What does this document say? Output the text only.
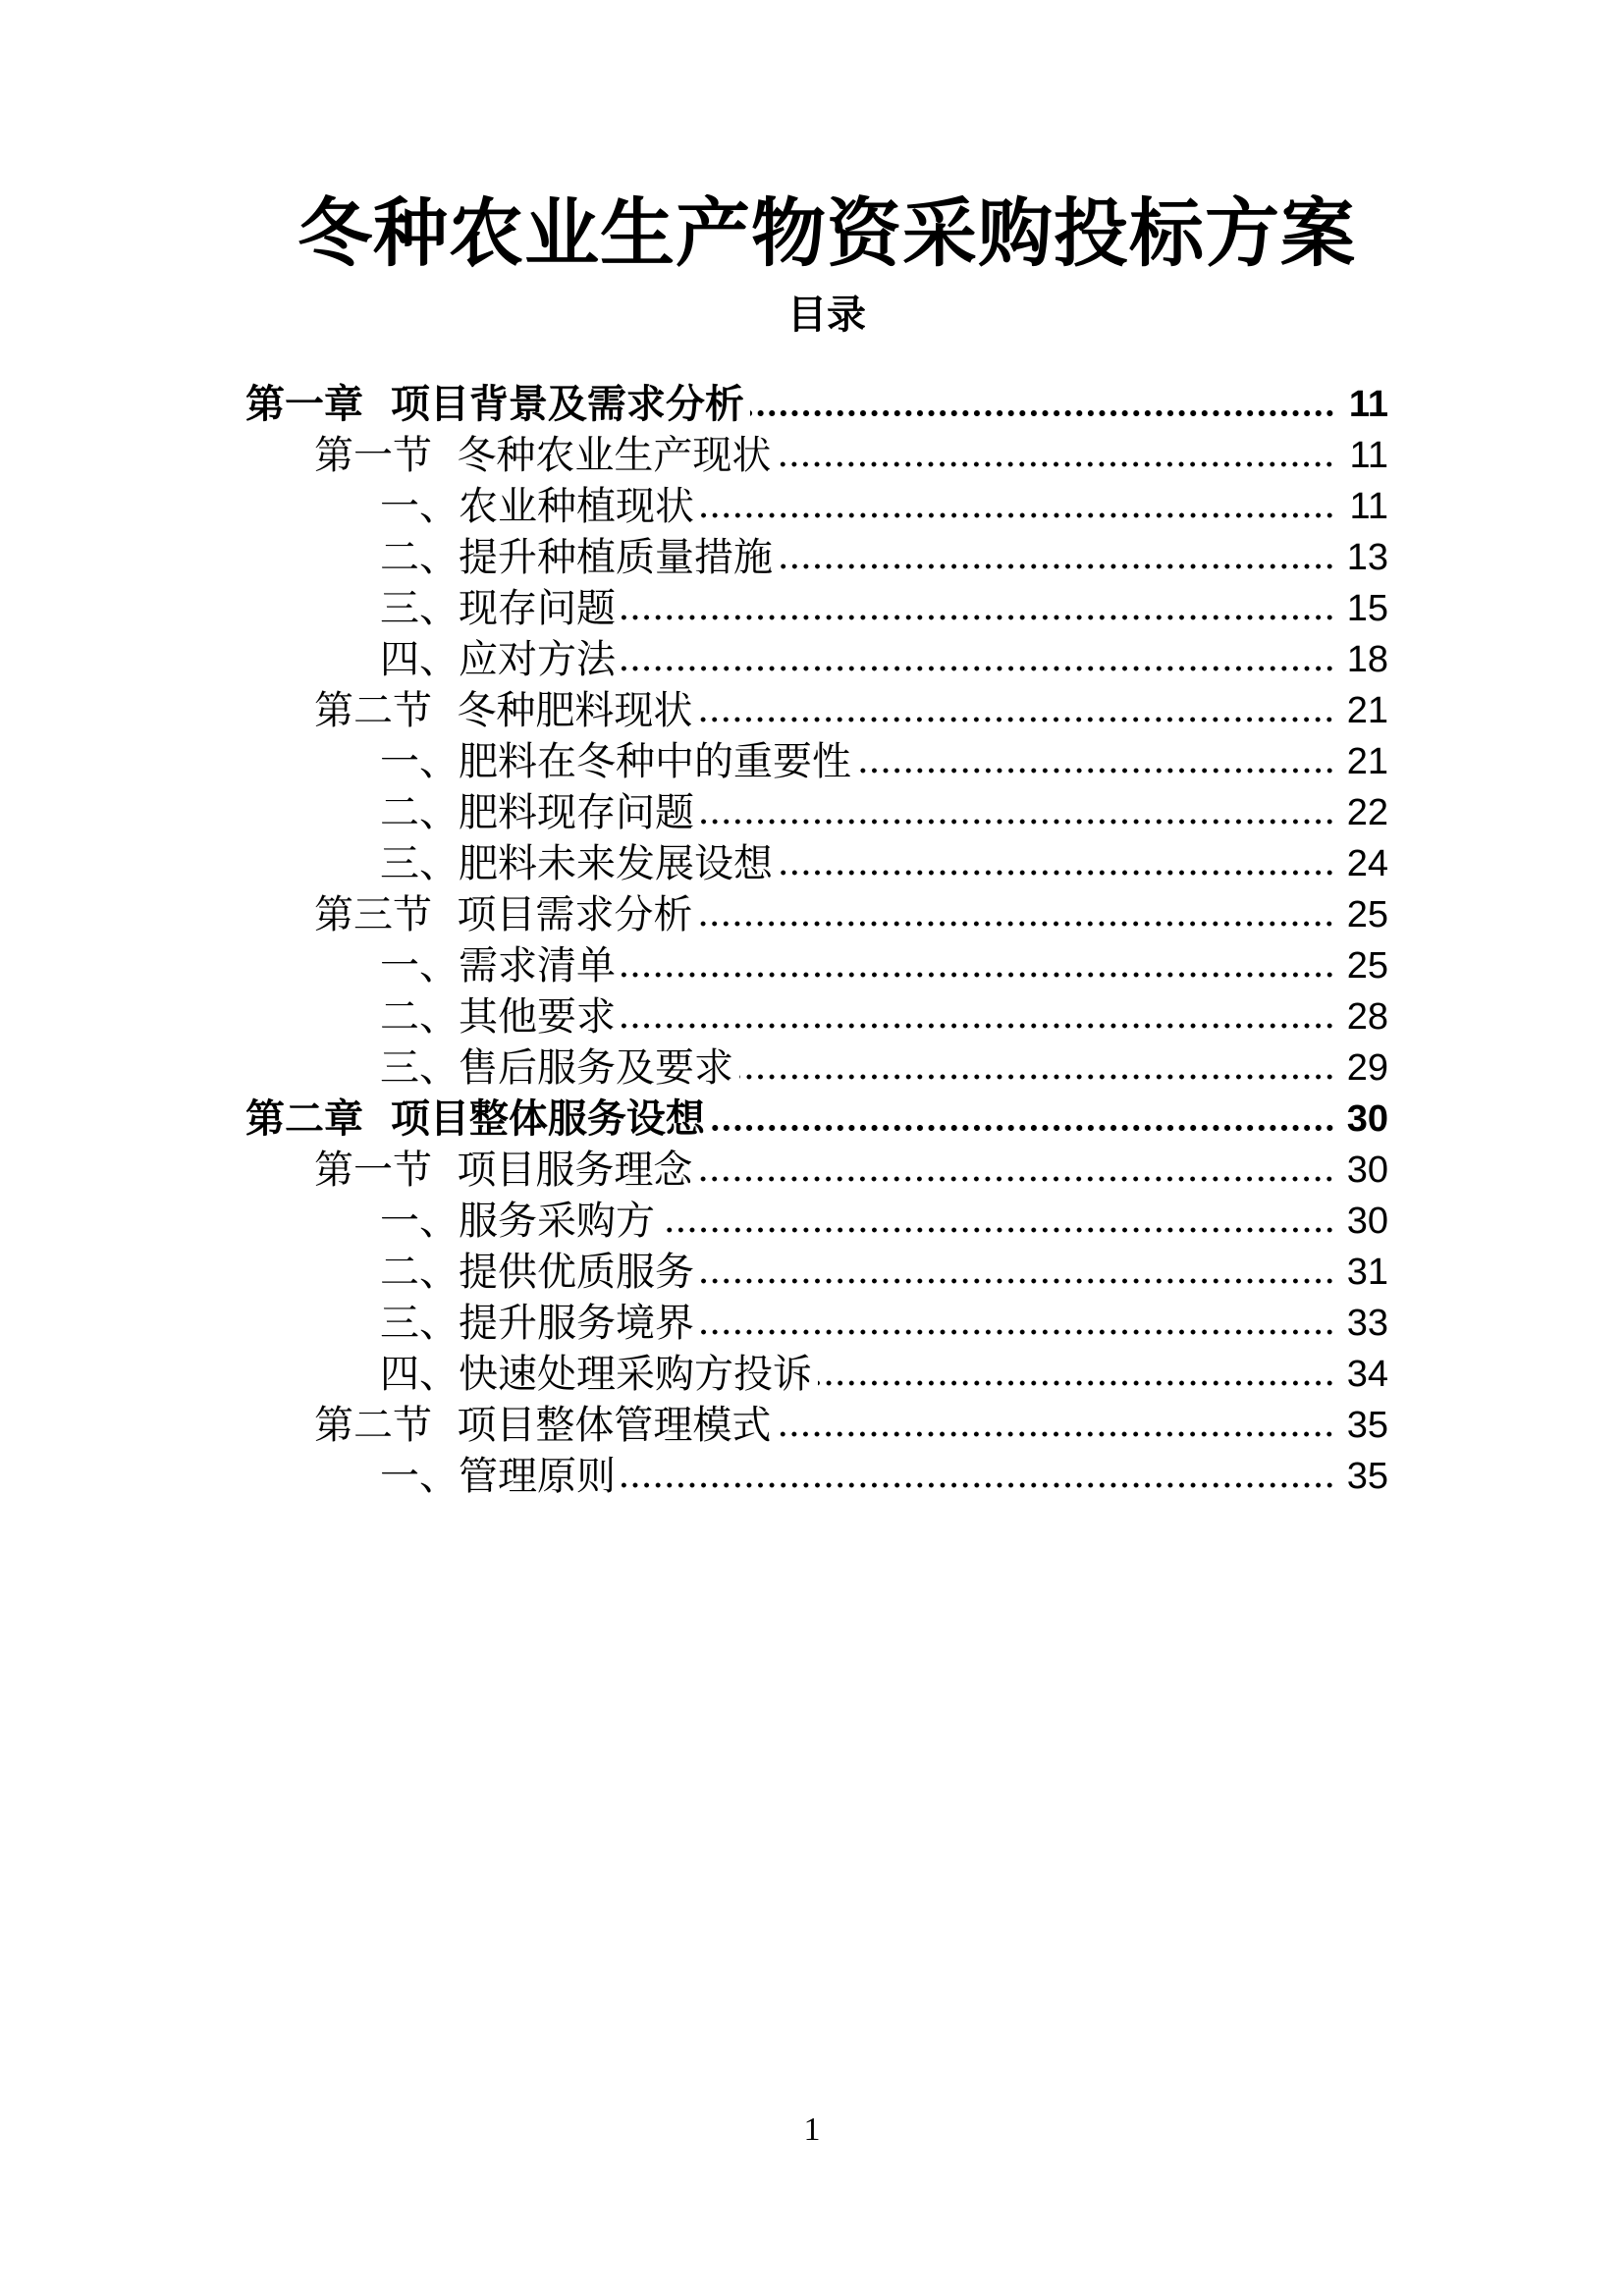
冬种农业生产物资采购投标方案
目录
第一章  项目背景及需求分析	11
第一节  冬种农业生产现状	11
一、农业种植现状	11
二、提升种植质量措施	13
三、现存问题	15
四、应对方法	18
第二节  冬种肥料现状	21
一、肥料在冬种中的重要性	21
二、肥料现存问题	22
三、肥料未来发展设想	24
第三节  项目需求分析	25
一、需求清单	25
二、其他要求	28
三、售后服务及要求	29
第二章  项目整体服务设想	30
第一节  项目服务理念	30
一、服务采购方	30
二、提供优质服务	31
三、提升服务境界	33
四、快速处理采购方投诉	34
第二节  项目整体管理模式	35
一、管理原则	35
1
